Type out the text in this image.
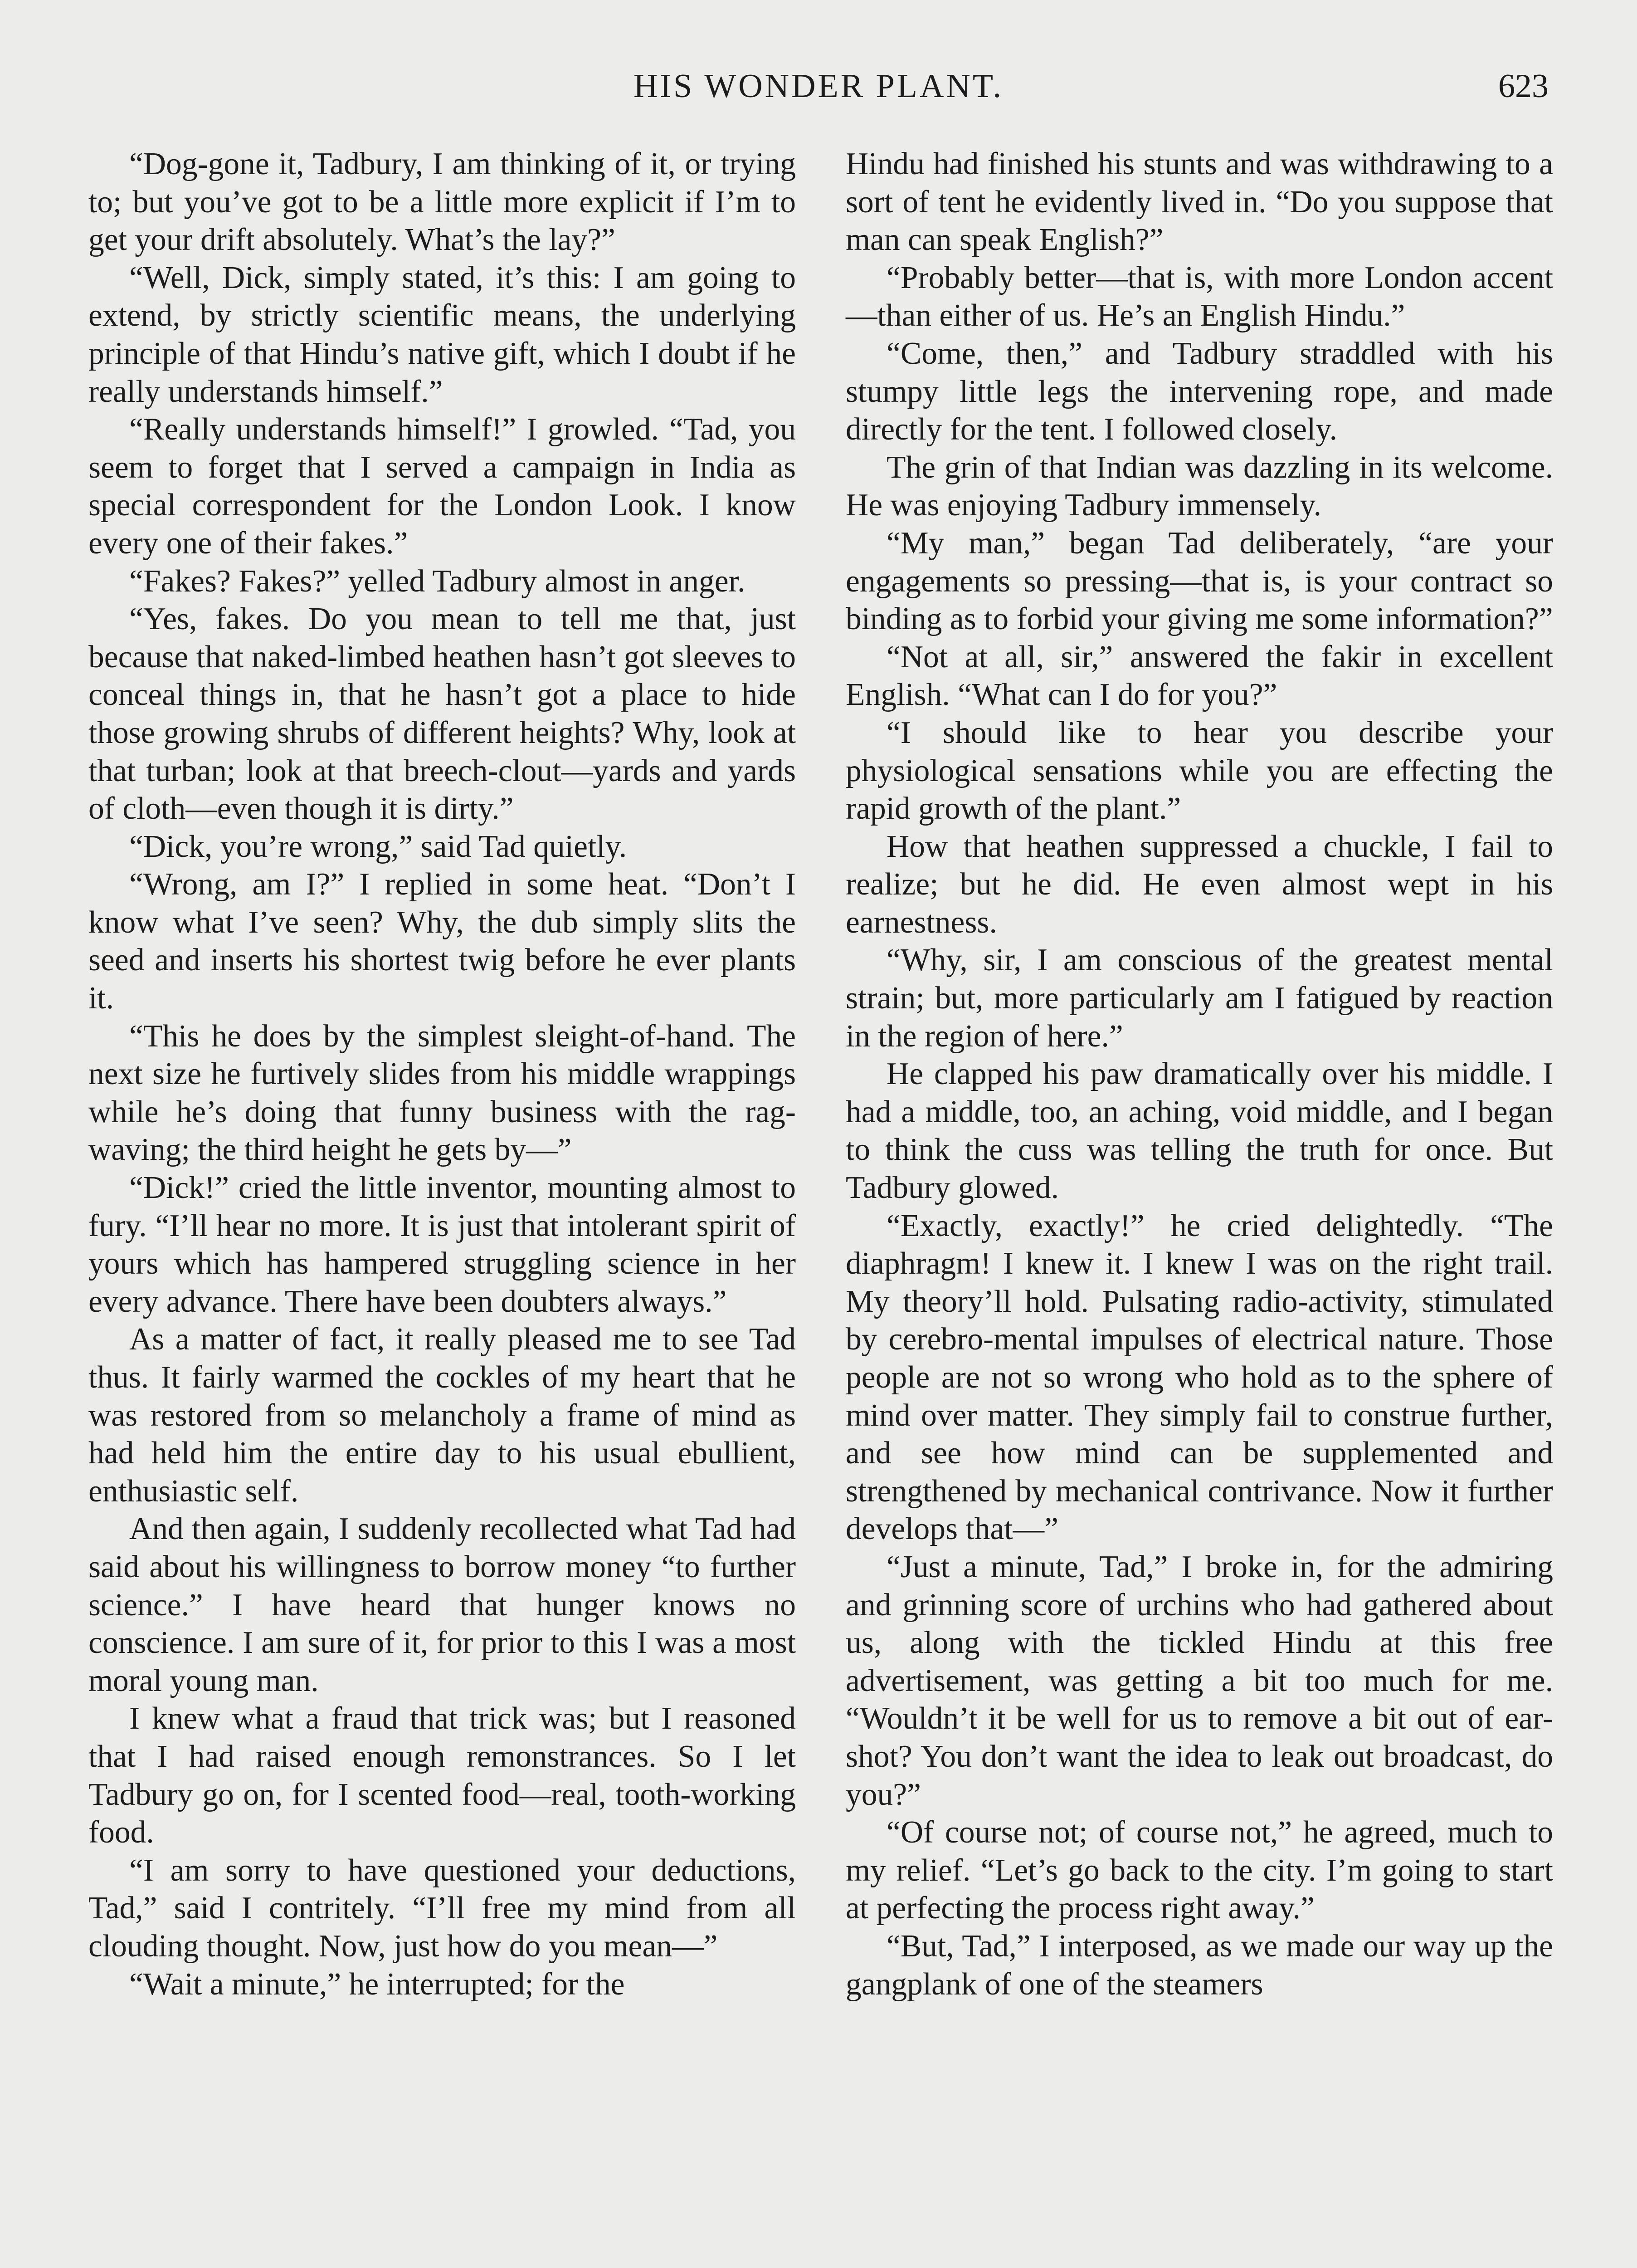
HIS WONDER PLANT.	623

“Dog-gone it, Tadbury, I am thinking of it, or trying to; but you’ve got to be a little more explicit if I’m to get your drift absolutely. What’s the lay?”

“Well, Dick, simply stated, it’s this: I am going to extend, by strictly scientific means, the underlying principle of that Hindu’s native gift, which I doubt if he really understands himself.”

“Really understands himself!” I growled. “Tad, you seem to forget that I served a campaign in India as special correspondent for the London Look. I know every one of their fakes.”

“Fakes? Fakes?” yelled Tadbury almost in anger.

“Yes, fakes. Do you mean to tell me that, just because that naked-limbed heathen hasn’t got sleeves to conceal things in, that he hasn’t got a place to hide those growing shrubs of different heights? Why, look at that turban; look at that breech-clout—yards and yards of cloth—even though it is dirty.”

“Dick, you’re wrong,” said Tad quietly.

“Wrong, am I?” I replied in some heat. “Don’t I know what I’ve seen? Why, the dub simply slits the seed and inserts his shortest twig before he ever plants it.

“This he does by the simplest sleight-of-hand. The next size he furtively slides from his middle wrappings while he’s doing that funny business with the rag-waving; the third height he gets by—”

“Dick!” cried the little inventor, mounting almost to fury. “I’ll hear no more. It is just that intolerant spirit of yours which has hampered struggling science in her every advance. There have been doubters always.”

As a matter of fact, it really pleased me to see Tad thus. It fairly warmed the cockles of my heart that he was restored from so melancholy a frame of mind as had held him the entire day to his usual ebullient, enthusiastic self.

And then again, I suddenly recollected what Tad had said about his willingness to borrow money “to further science.” I have heard that hunger knows no conscience. I am sure of it, for prior to this I was a most moral young man.

I knew what a fraud that trick was; but I reasoned that I had raised enough remonstrances. So I let Tadbury go on, for I scented food—real, tooth-working food.

“I am sorry to have questioned your deductions, Tad,” said I contritely. “I’ll free my mind from all clouding thought. Now, just how do you mean—”

“Wait a minute,” he interrupted; for the

Hindu had finished his stunts and was withdrawing to a sort of tent he evidently lived in. “Do you suppose that man can speak English?”

“Probably better—that is, with more London accent—than either of us. He’s an English Hindu.”

“Come, then,” and Tadbury straddled with his stumpy little legs the intervening rope, and made directly for the tent. I followed closely.

The grin of that Indian was dazzling in its welcome. He was enjoying Tadbury immensely.

“My man,” began Tad deliberately, “are your engagements so pressing—that is, is your contract so binding as to forbid your giving me some information?”

“Not at all, sir,” answered the fakir in excellent English. “What can I do for you?”

“I should like to hear you describe your physiological sensations while you are effecting the rapid growth of the plant.”

How that heathen suppressed a chuckle, I fail to realize; but he did. He even almost wept in his earnestness.

“Why, sir, I am conscious of the greatest mental strain; but, more particularly am I fatigued by reaction in the region of here.”

He clapped his paw dramatically over his middle. I had a middle, too, an aching, void middle, and I began to think the cuss was telling the truth for once. But Tadbury glowed.

“Exactly, exactly!” he cried delightedly. “The diaphragm! I knew it. I knew I was on the right trail. My theory’ll hold. Pulsating radio-activity, stimulated by cerebro-mental impulses of electrical nature. Those people are not so wrong who hold as to the sphere of mind over matter. They simply fail to construe further, and see how mind can be supplemented and strengthened by mechanical contrivance. Now it further develops that—”

“Just a minute, Tad,” I broke in, for the admiring and grinning score of urchins who had gathered about us, along with the tickled Hindu at this free advertisement, was getting a bit too much for me. “Wouldn’t it be well for us to remove a bit out of ear-shot? You don’t want the idea to leak out broadcast, do you?”

“Of course not; of course not,” he agreed, much to my relief. “Let’s go back to the city. I’m going to start at perfecting the process right away.”

“But, Tad,” I interposed, as we made our way up the gangplank of one of the steamers
